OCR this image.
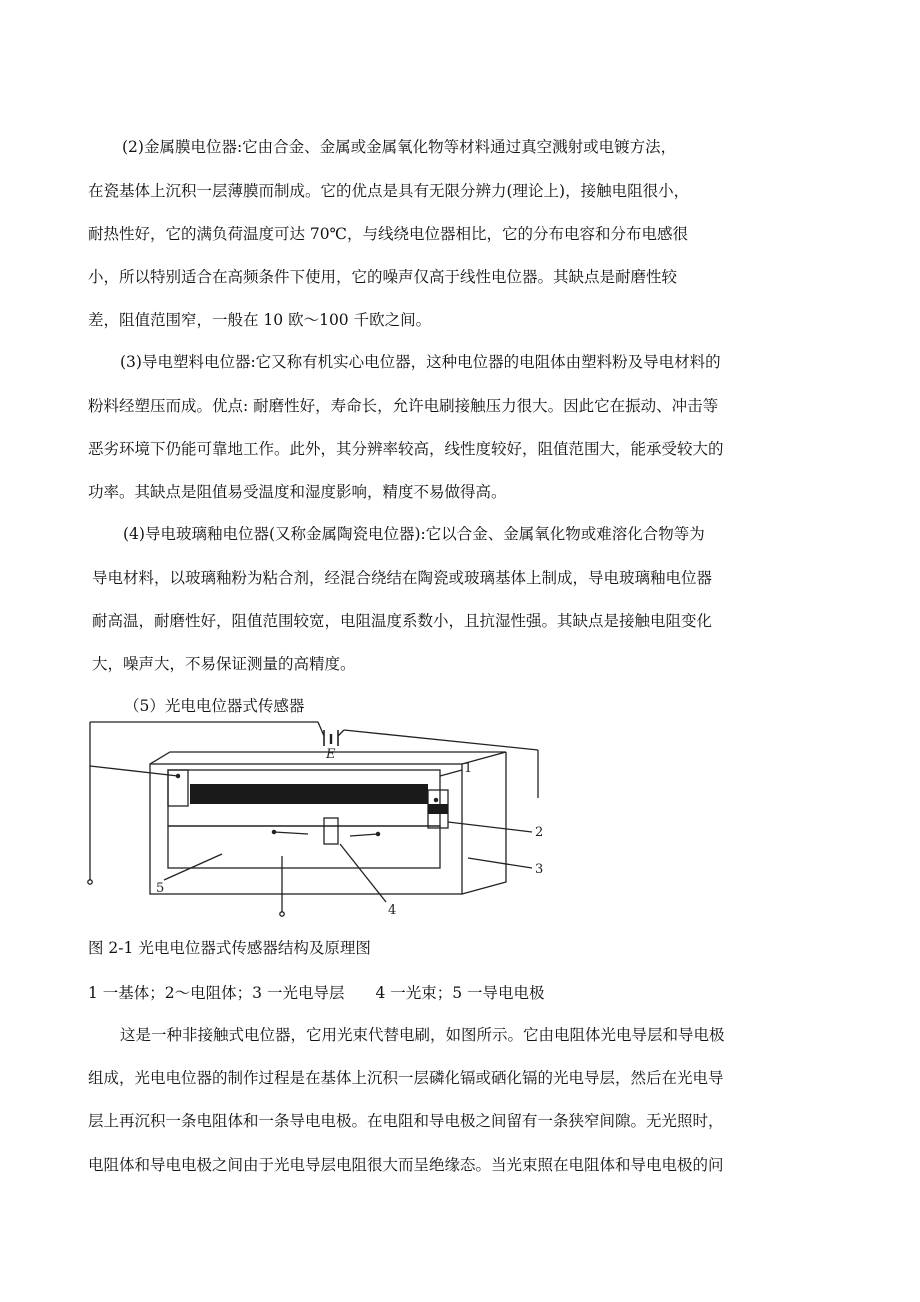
(2)金属膜电位器:它由合金、金属或金属氧化物等材料通过真空溅射或电镀方法，
在瓷基体上沉积一层薄膜而制成。它的优点是具有无限分辨力(理论上)，接触电阻很小，
耐热性好，它的满负荷温度可达 70℃，与线绕电位器相比，它的分布电容和分布电感很
小，所以特别适合在高频条件下使用，它的噪声仅高于线性电位器。其缺点是耐磨性较
差，阻值范围窄，一般在 10 欧～100 千欧之间。
(3)导电塑料电位器:它又称有机实心电位器，这种电位器的电阻体由塑料粉及导电材料的
粉料经塑压而成。优点: 耐磨性好，寿命长，允许电刷接触压力很大。因此它在振动、冲击等
恶劣环境下仍能可靠地工作。此外，其分辨率较高，线性度较好，阻值范围大，能承受较大的
功率。其缺点是阻值易受温度和湿度影响，精度不易做得高。
(4)导电玻璃釉电位器(又称金属陶瓷电位器):它以合金、金属氧化物或难溶化合物等为
导电材料，以玻璃釉粉为粘合剂，经混合绕结在陶瓷或玻璃基体上制成，导电玻璃釉电位器
耐高温，耐磨性好，阻值范围较宽，电阻温度系数小，且抗湿性强。其缺点是接触电阻变化
大，噪声大，不易保证测量的高精度。
（5）光电电位器式传感器
E
1
2
3
4
5
图 2-1 光电电位器式传感器结构及原理图
1 一基体；2～电阻体；3 一光电导层　　4 一光束；5 一导电电极
这是一种非接触式电位器，它用光束代替电刷，如图所示。它由电阻体光电导层和导电极
组成，光电电位器的制作过程是在基体上沉积一层磷化镉或硒化镉的光电导层，然后在光电导
层上再沉积一条电阻体和一条导电电极。在电阻和导电极之间留有一条狭窄间隙。无光照时，
电阻体和导电电极之间由于光电导层电阻很大而呈绝缘态。当光束照在电阻体和导电电极的问
